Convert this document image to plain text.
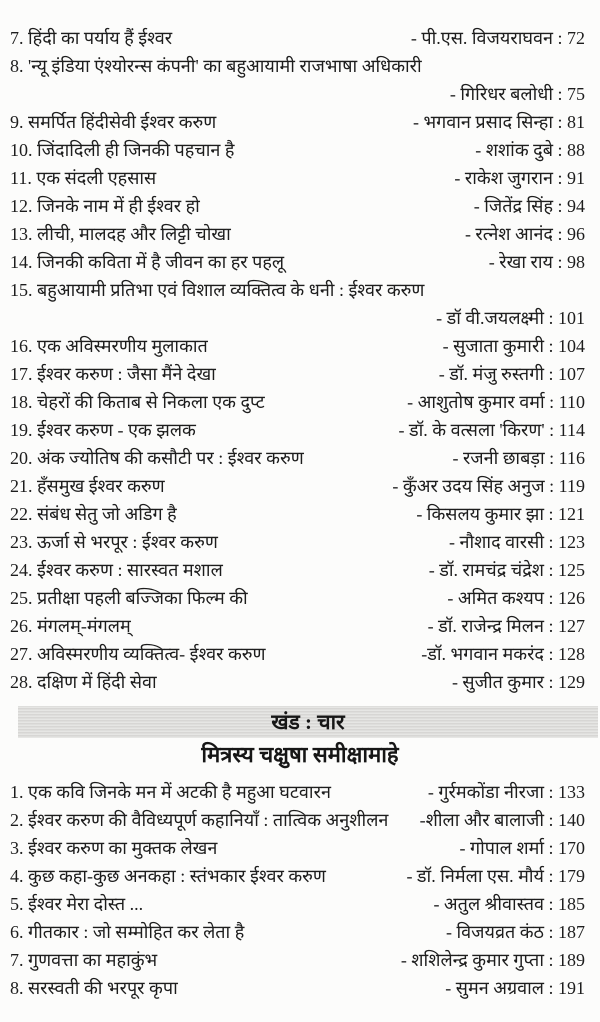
7. हिंदी का पर्याय हैं ईश्वर	- पी.एस. विजयराघवन : 72
8. 'न्यू इंडिया एंश्योरन्स कंपनी' का बहुआयामी राजभाषा अधिकारी
- गिरिधर बलोधी : 75
9. समर्पित हिंदीसेवी ईश्वर करुण	- भगवान प्रसाद सिन्हा : 81
10. जिंदादिली ही जिनकी पहचान है	- शशांक दुबे : 88
11. एक संदली एहसास	- राकेश जुगरान : 91
12. जिनके नाम में ही ईश्वर हो	- जितेंद्र सिंह : 94
13. लीची, मालदह और लिट्टी चोखा	- रत्नेश आनंद : 96
14. जिनकी कविता में है जीवन का हर पहलू	- रेखा राय : 98
15. बहुआयामी प्रतिभा एवं विशाल व्यक्तित्व के धनी : ईश्वर करुण
- डॉ वी.जयलक्ष्मी : 101
16. एक अविस्मरणीय मुलाकात	- सुजाता कुमारी : 104
17. ईश्वर करुण : जैसा मैंने देखा	- डॉ. मंजु रुस्तगी : 107
18. चेहरों की किताब से निकला एक दुप्ट	- आशुतोष कुमार वर्मा : 110
19. ईश्वर करुण - एक झलक	- डॉ. के वत्सला 'किरण' : 114
20. अंक ज्योतिष की कसौटी पर : ईश्वर करुण	- रजनी छाबड़ा : 116
21. हँसमुख ईश्वर करुण	- कुँअर उदय सिंह अनुज : 119
22. संबंध सेतु जो अडिग है	- किसलय कुमार झा : 121
23. ऊर्जा से भरपूर : ईश्वर करुण	- नौशाद वारसी : 123
24. ईश्वर करुण : सारस्वत मशाल	- डॉ. रामचंद्र चंद्रेश : 125
25. प्रतीक्षा पहली बज्जिका फिल्म की	- अमित कश्यप : 126
26. मंगलम्-मंगलम्	- डॉ. राजेन्द्र मिलन : 127
27. अविस्मरणीय व्यक्तित्व- ईश्वर करुण	-डॉ. भगवान मकरंद : 128
28. दक्षिण में हिंदी सेवा	- सुजीत कुमार : 129
खंड : चार
मित्रस्य चक्षुषा समीक्षामाहे
1. एक कवि जिनके मन में अटकी है महुआ घटवारन	- गुर्रमकोंडा नीरजा : 133
2. ईश्वर करुण की वैविध्यपूर्ण कहानियाँ : तात्विक अनुशीलन	-शीला और बालाजी : 140
3. ईश्वर करुण का मुक्तक लेखन	- गोपाल शर्मा : 170
4. कुछ कहा-कुछ अनकहा : स्तंभकार ईश्वर करुण	- डॉ. निर्मला एस. मौर्य : 179
5. ईश्वर मेरा दोस्त ...	- अतुल श्रीवास्तव : 185
6. गीतकार : जो सम्मोहित कर लेता है	- विजयव्रत कंठ : 187
7. गुणवत्ता का महाकुंभ	- शशिलेन्द्र कुमार गुप्ता : 189
8. सरस्वती की भरपूर कृपा	- सुमन अग्रवाल : 191
